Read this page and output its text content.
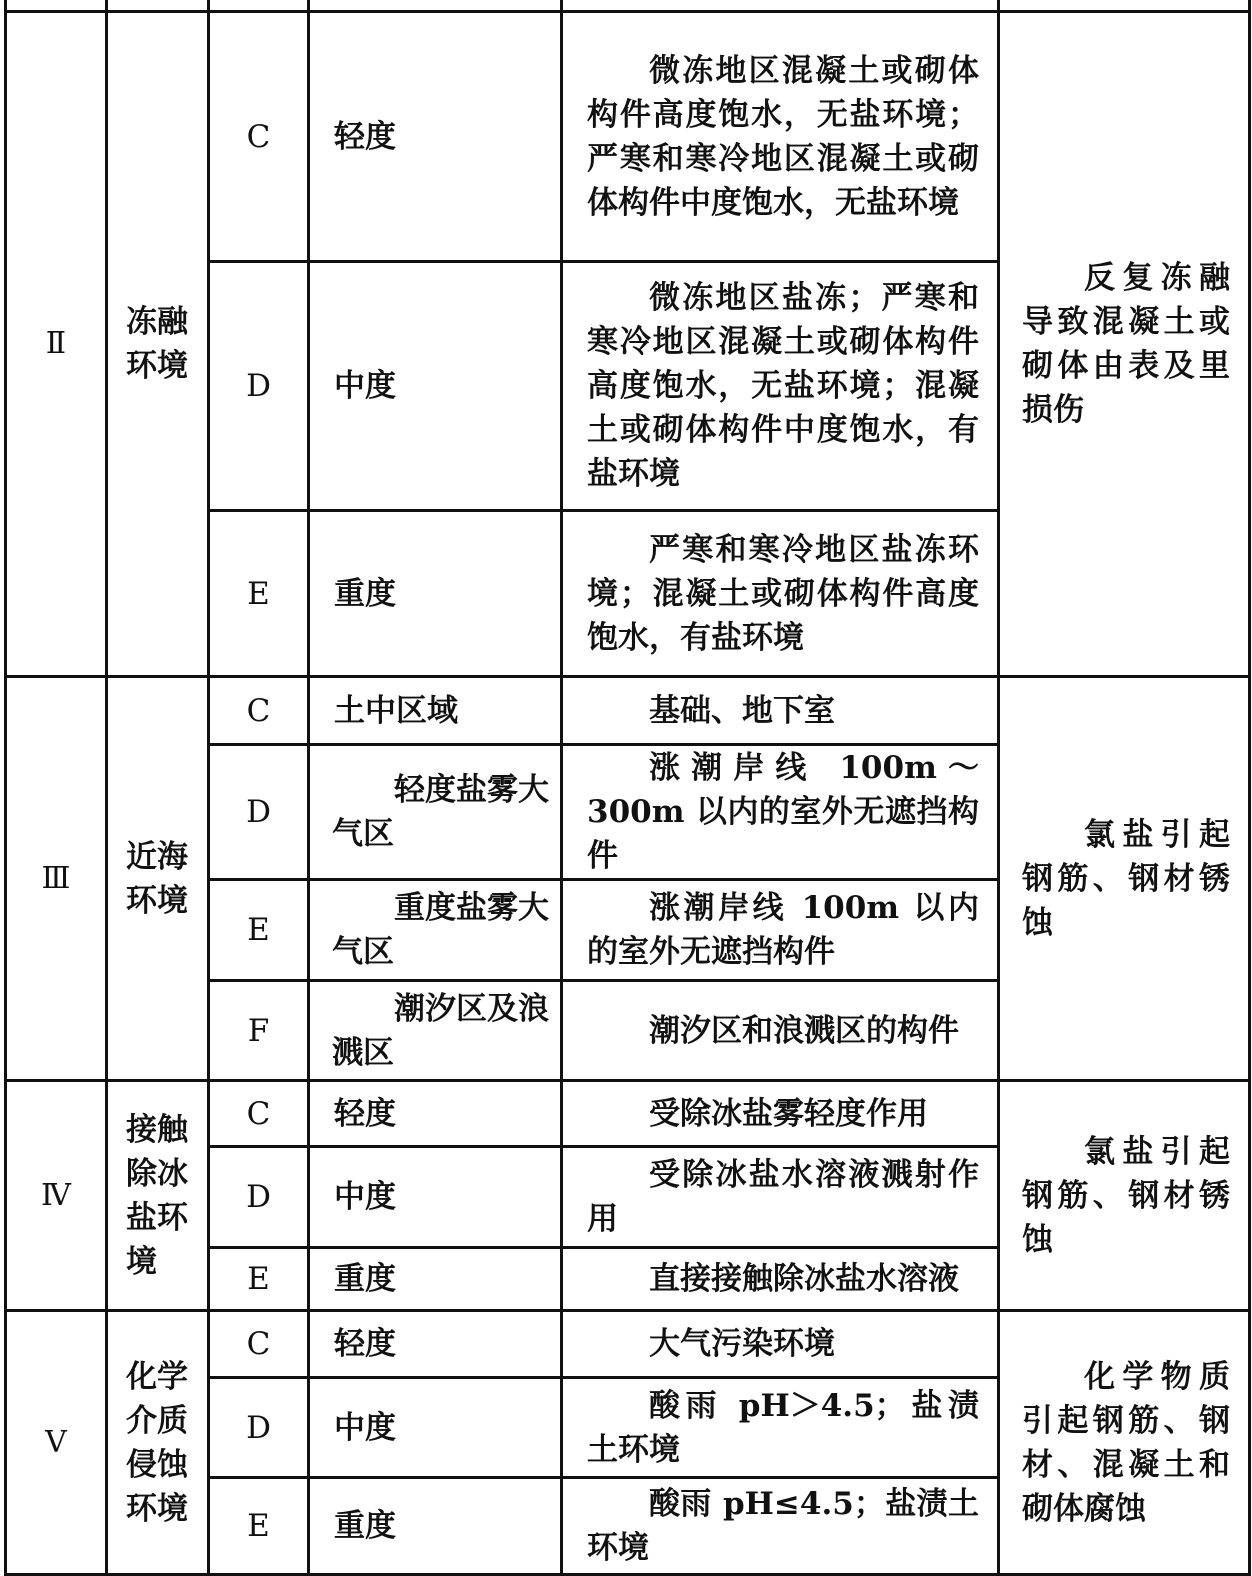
Ⅱ	冻融环境	C	轻度	微冻地区混凝土或砌体构件高度饱水，无盐环境；严寒和寒冷地区混凝土或砌体构件中度饱水，无盐环境	反复冻融导致混凝土或砌体由表及里损伤
		D	中度	微冻地区盐冻；严寒和寒冷地区混凝土或砌体构件高度饱水，无盐环境；混凝土或砌体构件中度饱水，有盐环境	
		E	重度	严寒和寒冷地区盐冻环境；混凝土或砌体构件高度饱水，有盐环境	
Ⅲ	近海环境	C	土中区域	基础、地下室	氯盐引起钢筋、钢材锈蚀
		D	轻度盐雾大气区	涨潮岸线 100m～300m 以内的室外无遮挡构件	
		E	重度盐雾大气区	涨潮岸线 100m 以内的室外无遮挡构件	
		F	潮汐区及浪溅区	潮汐区和浪溅区的构件	
Ⅳ	接触除冰盐环境	C	轻度	受除冰盐雾轻度作用	氯盐引起钢筋、钢材锈蚀
		D	中度	受除冰盐水溶液溅射作用	
		E	重度	直接接触除冰盐水溶液	
Ⅴ	化学介质侵蚀环境	C	轻度	大气污染环境	化学物质引起钢筋、钢材、混凝土和砌体腐蚀
		D	中度	酸雨 pH＞4.5；盐渍土环境	
		E	重度	酸雨 pH≤4.5；盐渍土环境	
